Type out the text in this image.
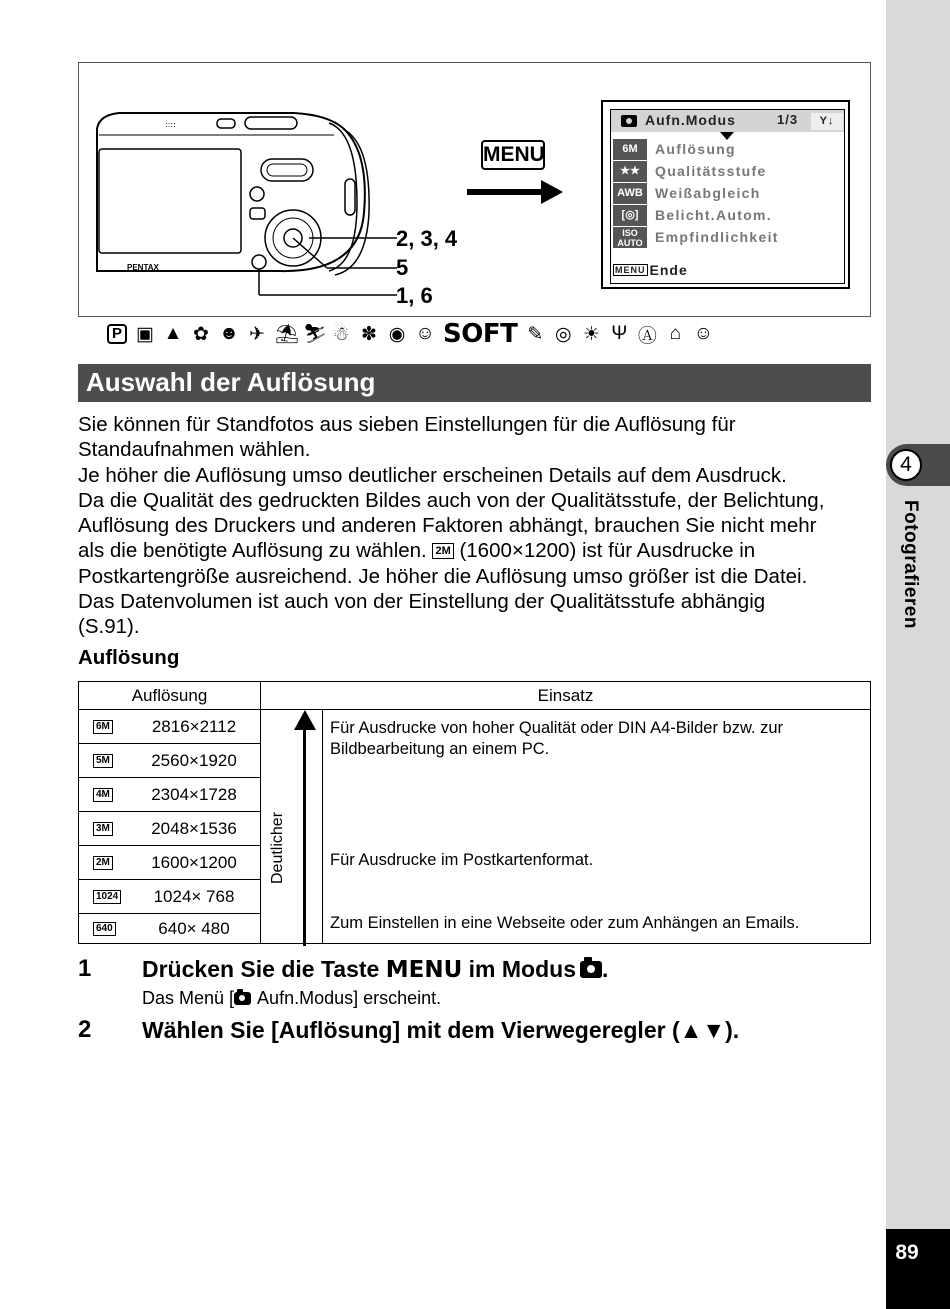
4
Fotografieren
89
::::
PENTAX
2, 3, 4
5
1, 6
MENU
Aufn.Modus	1/3	Y↓
6M	Auflösung
★★	Qualitätsstufe
AWB Weißabgleich
[◎]	Belicht.Autom.
ISO AUTO Empfindlichkeit
MENU Ende
P ▣ ▲ ✿ ☻ ✈ ⛱ ⛷ ☃ ✽ ◉ ☺ SOFT ✎ ◎ ☀ Ψ Ⓐ ⌂ ☺
Auswahl der Auflösung
Sie können für Standfotos aus sieben Einstellungen für die Auflösung für
Standaufnahmen wählen.
Je höher die Auflösung umso deutlicher erscheinen Details auf dem Ausdruck.
Da die Qualität des gedruckten Bildes auch von der Qualitätsstufe, der Belichtung,
Auflösung des Druckers und anderen Faktoren abhängt, brauchen Sie nicht mehr
als die benötigte Auflösung zu wählen. 2M (1600×1200) ist für Ausdrucke in
Postkartengröße ausreichend. Je höher die Auflösung umso größer ist die Datei.
Das Datenvolumen ist auch von der Einstellung der Qualitätsstufe abhängig
(S.91).
Auflösung
Auflösung	Einsatz
6M	2816×2112
5M	2560×1920
4M	2304×1728
3M	2048×1536
2M	1600×1200
1024	1024× 768
640	640× 480
Deutlicher
Für Ausdrucke von hoher Qualität oder DIN A4-Bilder bzw. zur Bildbearbeitung an einem PC.
Für Ausdrucke im Postkartenformat.
Zum Einstellen in eine Webseite oder zum Anhängen an Emails.
1 Drücken Sie die Taste MENU im Modus .
Das Menü [ Aufn.Modus] erscheint.
2 Wählen Sie [Auflösung] mit dem Vierwegeregler (▲▼).
